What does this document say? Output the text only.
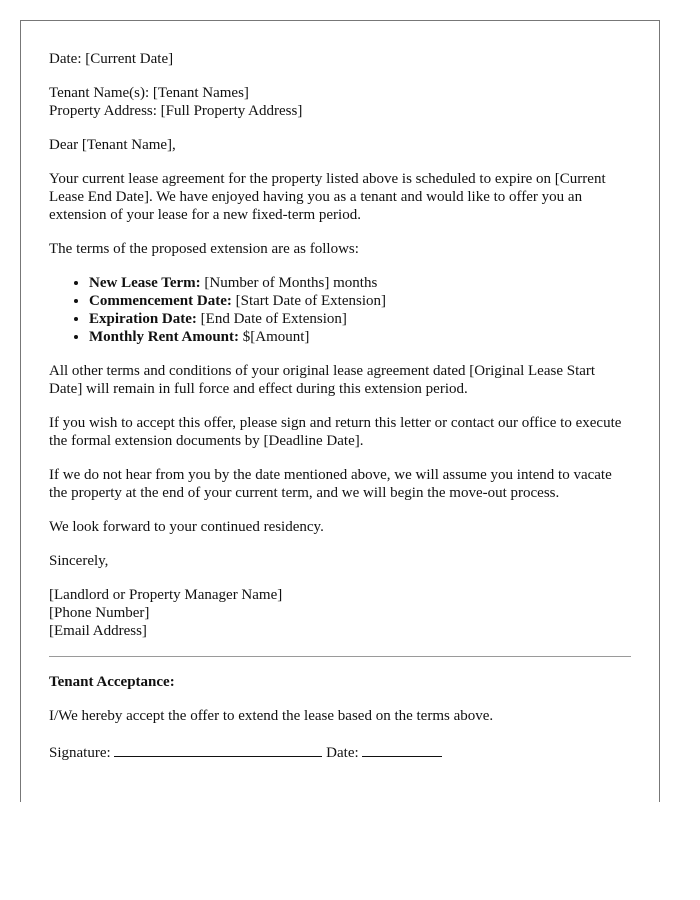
Date: [Current Date]

Tenant Name(s): [Tenant Names]

Property Address: [Full Property Address]

Dear [Tenant Name],

Your current lease agreement for the property listed above is scheduled to expire on [Current Lease End Date]. We have enjoyed having you as a tenant and would like to offer you an extension of your lease for a new fixed-term period.

The terms of the proposed extension are as follows:

• New Lease Term: [Number of Months] months
• Commencement Date: [Start Date of Extension]
• Expiration Date: [End Date of Extension]
• Monthly Rent Amount: $[Amount]

All other terms and conditions of your original lease agreement dated [Original Lease Start Date] will remain in full force and effect during this extension period.

If you wish to accept this offer, please sign and return this letter or contact our office to execute the formal extension documents by [Deadline Date].

If we do not hear from you by the date mentioned above, we will assume you intend to vacate the property at the end of your current term, and we will begin the move-out process.

We look forward to your continued residency.

Sincerely,

[Landlord or Property Manager Name]

[Phone Number]

[Email Address]

Tenant Acceptance:

I/We hereby accept the offer to extend the lease based on the terms above.

Signature:	Date:
